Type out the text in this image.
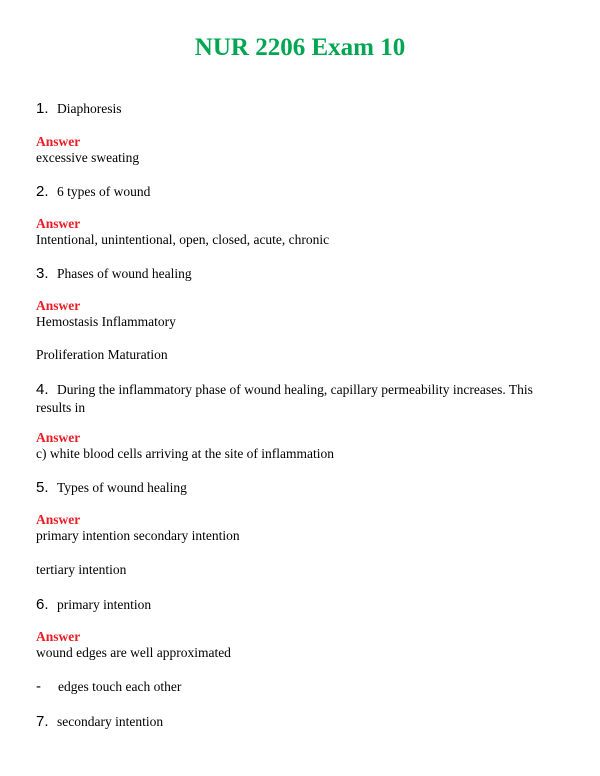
NUR 2206 Exam 10
1. Diaphoresis
Answer
excessive sweating
2. 6 types of wound
Answer
Intentional, unintentional, open, closed, acute, chronic
3. Phases of wound healing
Answer
Hemostasis Inflammatory
Proliferation Maturation
4. During the inflammatory phase of wound healing, capillary permeability increases. This results in
Answer
c) white blood cells arriving at the site of inflammation
5. Types of wound healing
Answer
primary intention secondary intention
tertiary intention
6. primary intention
Answer
wound edges are well approximated
- edges touch each other
7. secondary intention
